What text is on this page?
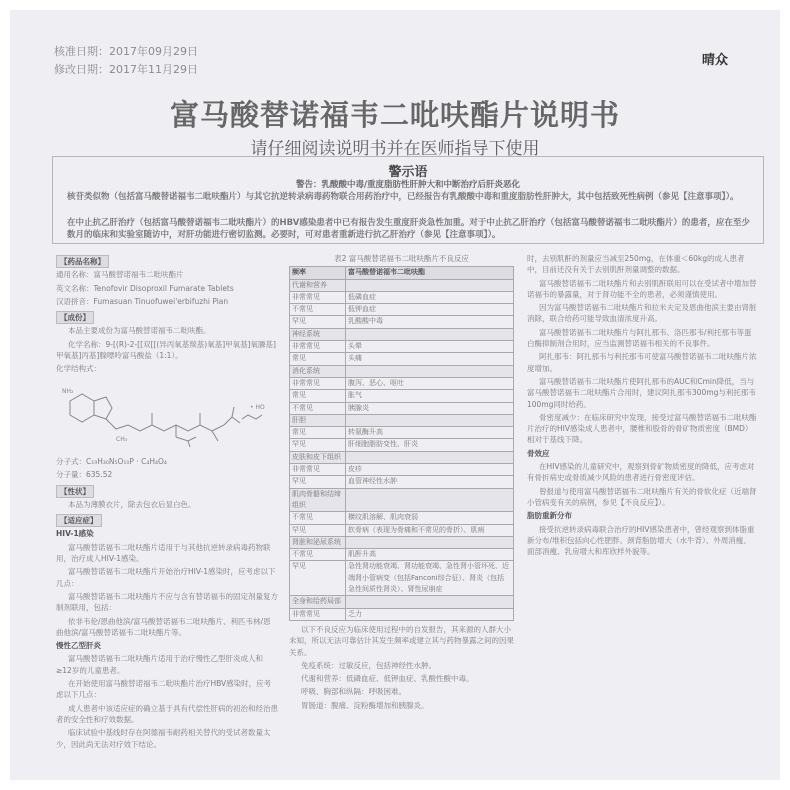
核准日期：2017年09月29日
修改日期：2017年11月29日
晴众
富马酸替诺福韦二吡呋酯片说明书
请仔细阅读说明书并在医师指导下使用
警示语
警告：乳酸酸中毒/重度脂肪性肝肿大和中断治疗后肝炎恶化
核苷类似物（包括富马酸替诺福韦二吡呋酯片）与其它抗逆转录病毒药物联合用药治疗中，已经报告有乳酸酸中毒和重度脂肪性肝肿大，其中包括致死性病例（参见【注意事项】）。
在中止抗乙肝治疗（包括富马酸替诺福韦二吡呋酯片）的HBV感染患者中已有报告发生重度肝炎急性加重。对于中止抗乙肝治疗（包括富马酸替诺福韦二吡呋酯片）的患者，应在至少数月的临床和实验室随访中，对肝功能进行密切监测。必要时，可对患者重新进行抗乙肝治疗（参见【注意事项】）。
【药品名称】

通用名称：富马酸替诺福韦二吡呋酯片

英文名称：Tenofovir Disoproxil Fumarate Tablets

汉语拼音：Fumasuan Tinuofuwei'erbifuzhi Pian

【成份】

本品主要成份为富马酸替诺福韦二吡呋酯。

化学名称：9-[(R)-2-[[双[[(异丙氧基羰基)氧基]甲氧基]氧膦基]甲氧基]丙基]腺嘌呤富马酸盐（1:1）。

化学结构式：

NH₂
CH₃
• HO

分子式：C₁₉H₃₀N₅O₁₀P · C₄H₄O₄

分子量：635.52

【性状】

本品为薄膜衣片，除去包衣后显白色。

【适应症】

HIV-1感染

富马酸替诺福韦二吡呋酯片适用于与其他抗逆转录病毒药物联用，治疗成人HIV-1感染。

富马酸替诺福韦二吡呋酯片开始治疗HIV-1感染时，应考虑以下几点：

富马酸替诺福韦二吡呋酯片不应与含有替诺福韦的固定剂量复方制剂联用，包括：

依非韦伦/恩曲他滨/富马酸替诺福韦二吡呋酯片、利匹韦林/恩曲他滨/富马酸替诺福韦二吡呋酯片等。

慢性乙型肝炎

富马酸替诺福韦二吡呋酯片适用于治疗慢性乙型肝炎成人和≥12岁的儿童患者。

在开始使用富马酸替诺福韦二吡呋酯片治疗HBV感染时，应考虑以下几点：

成人患者中该适应症的确立基于具有代偿性肝病的初治和经治患者的安全性和疗效数据。

临床试验中基线时存在阿德福韦耐药相关替代的受试者数量太少，因此尚无法对疗效下结论。

表2 富马酸替诺福韦二吡呋酯片不良反应
频率	富马酸替诺福韦二吡呋酯
代谢和营养	
非常常见	低磷血症
不常见	低钾血症
罕见	乳酸酸中毒
神经系统	
非常常见	头晕
常见	头痛
消化系统	
非常常见	腹泻、恶心、呕吐
常见	胀气
不常见	胰腺炎
肝胆	
常见	转氨酶升高
罕见	肝细胞脂肪变性、肝炎
皮肤和皮下组织	
非常常见	皮疹
罕见	血管神经性水肿
肌肉骨骼和结缔组织	
不常见	横纹肌溶解、肌肉衰弱
罕见	软骨病（表现为骨痛和不常见的骨折）、肌病
肾脏和泌尿系统	
不常见	肌酐升高
罕见	急性肾功能衰竭、肾功能衰竭、急性肾小管坏死、近端肾小管病变（包括Fanconi综合征）、肾炎（包括急性间质性肾炎）、肾性尿崩症
全身和给药局部	
非常常见	乏力

以下不良反应为临床使用过程中的自发报告，其来源的人群大小未知，所以无法可靠估计其发生频率或建立其与药物暴露之间的因果关系。

免疫系统：过敏反应，包括神经性水肿。

代谢和营养：低磷血症、低钾血症、乳酸性酸中毒。

呼吸、胸部和纵隔：呼吸困难。

胃肠道：腹痛、淀粉酶增加和胰腺炎。

时，去别肌酐的剂量应当减至250mg，在体重＜60kg的成人患者中，目前还没有关于去别肌酐剂量调整的数据。

富马酸替诺福韦二吡呋酯片和去别肌酐联用可以在受试者中增加替诺福韦的暴露量，对于肾功能不全的患者，必须谨慎使用。

因为富马酸替诺福韦二吡呋酯片和拉米夫定及恩曲他滨主要由肾脏消除，联合给药可能导致血清浓度升高。

富马酸替诺福韦二吡呋酯片与阿扎那韦、洛匹那韦/利托那韦等蛋白酶抑制剂合用时，应当监测替诺福韦相关的不良事件。

阿扎那韦：阿扎那韦与利托那韦可使富马酸替诺福韦二吡呋酯片浓度增加。

富马酸替诺福韦二吡呋酯片使阿扎那韦的AUC和Cmin降低，当与富马酸替诺福韦二吡呋酯片合用时，建议阿扎那韦300mg与利托那韦100mg同时给药。

骨密度减少：在临床研究中发现，接受过富马酸替诺福韦二吡呋酯片治疗的HIV感染成人患者中，腰椎和股骨的骨矿物质密度（BMD）相对于基线下降。

骨效应

在HIV感染的儿童研究中，观察到骨矿物质密度的降低，应考虑对有骨折病史或骨质减少风险的患者进行骨密度评估。

曾报道与使用富马酸替诺福韦二吡呋酯片有关的骨软化症（近端肾小管病变有关的病例，参见【不良反应】）。

脂肪重新分布

接受抗逆转录病毒联合治疗的HIV感染患者中，曾经观察到体脂重新分布/堆积包括向心性肥胖、颈背脂肪增大（水牛背）、外周消瘦、面部消瘦、乳房增大和库欣样外貌等。
